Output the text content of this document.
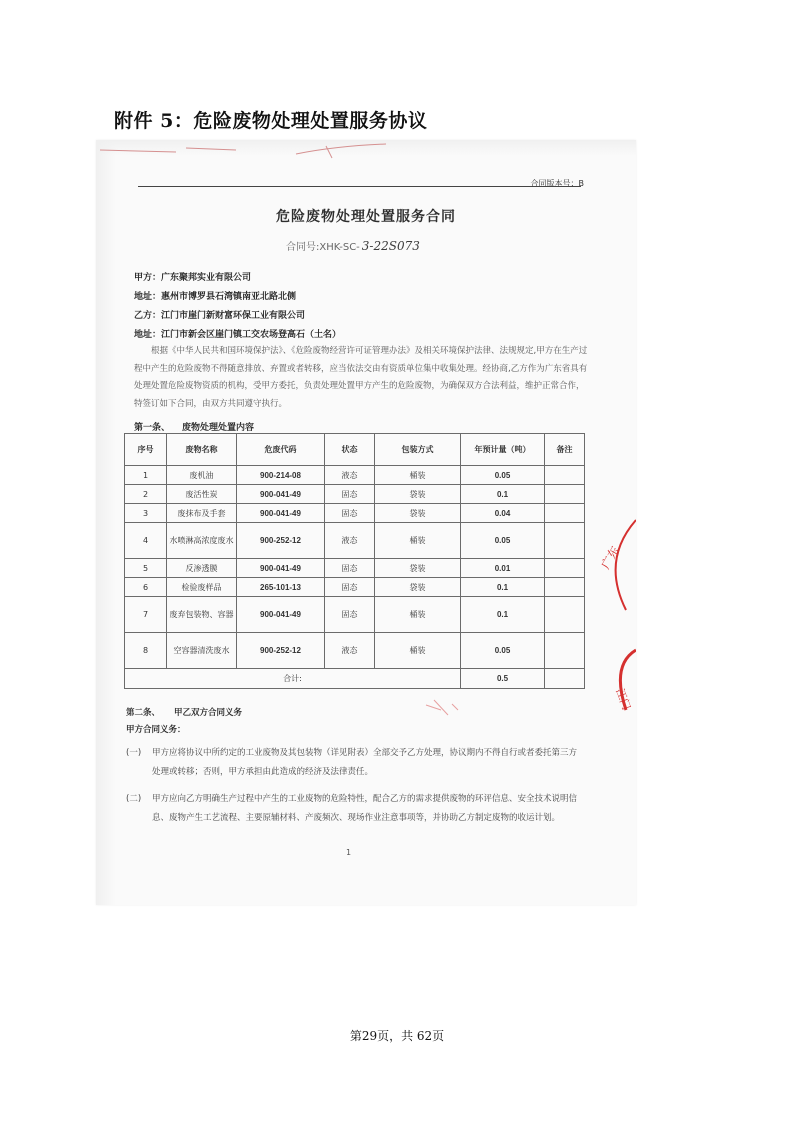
附件 5：危险废物处理处置服务协议
广东
江门
合同版本号：B
危险废物处理处置服务合同
合同号:XHK-SC- 3-22S073
甲方：广东聚邦实业有限公司
地址：惠州市博罗县石湾镇南亚北路北侧
乙方：江门市崖门新财富环保工业有限公司
地址：江门市新会区崖门镇工交农场登高石（土名）
根据《中华人民共和国环境保护法》、《危险废物经营许可证管理办法》及相关环境保护法律、法规规定,甲方在生产过程中产生的危险废物不得随意排放、弃置或者转移，应当依法交由有资质单位集中收集处理。经协商,乙方作为广东省具有处理处置危险废物资质的机构，受甲方委托，负责处理处置甲方产生的危险废物，为确保双方合法利益，维护正常合作，特签订如下合同，由双方共同遵守执行。
第一条、 废物处理处置内容
序号	废物名称	危废代码	状态	包装方式	年预计量（吨）	备注
1	废机油	900-214-08	液态	桶装	0.05	
2	废活性炭	900-041-49	固态	袋装	0.1	
3	废抹布及手套	900-041-49	固态	袋装	0.04	
4	水喷淋高浓度废水	900-252-12	液态	桶装	0.05	
5	反渗透膜	900-041-49	固态	袋装	0.01	
6	检验废样品	265-101-13	固态	袋装	0.1	
7	废弃包装物、容器	900-041-49	固态	桶装	0.1	
8	空容器清洗废水	900-252-12	液态	桶装	0.05	
合计:					0.5	
第二条、 甲乙双方合同义务
甲方合同义务：
(一) 甲方应将协议中所约定的工业废物及其包装物（详见附表）全部交予乙方处理，协议期内不得自行或者委托第三方处理或转移；否则，甲方承担由此造成的经济及法律责任。
(二) 甲方应向乙方明确生产过程中产生的工业废物的危险特性，配合乙方的需求提供废物的环评信息、安全技术说明信息、废物产生工艺流程、主要原辅材料、产废频次、现场作业注意事项等，并协助乙方制定废物的收运计划。
1
第29页，共 62页
